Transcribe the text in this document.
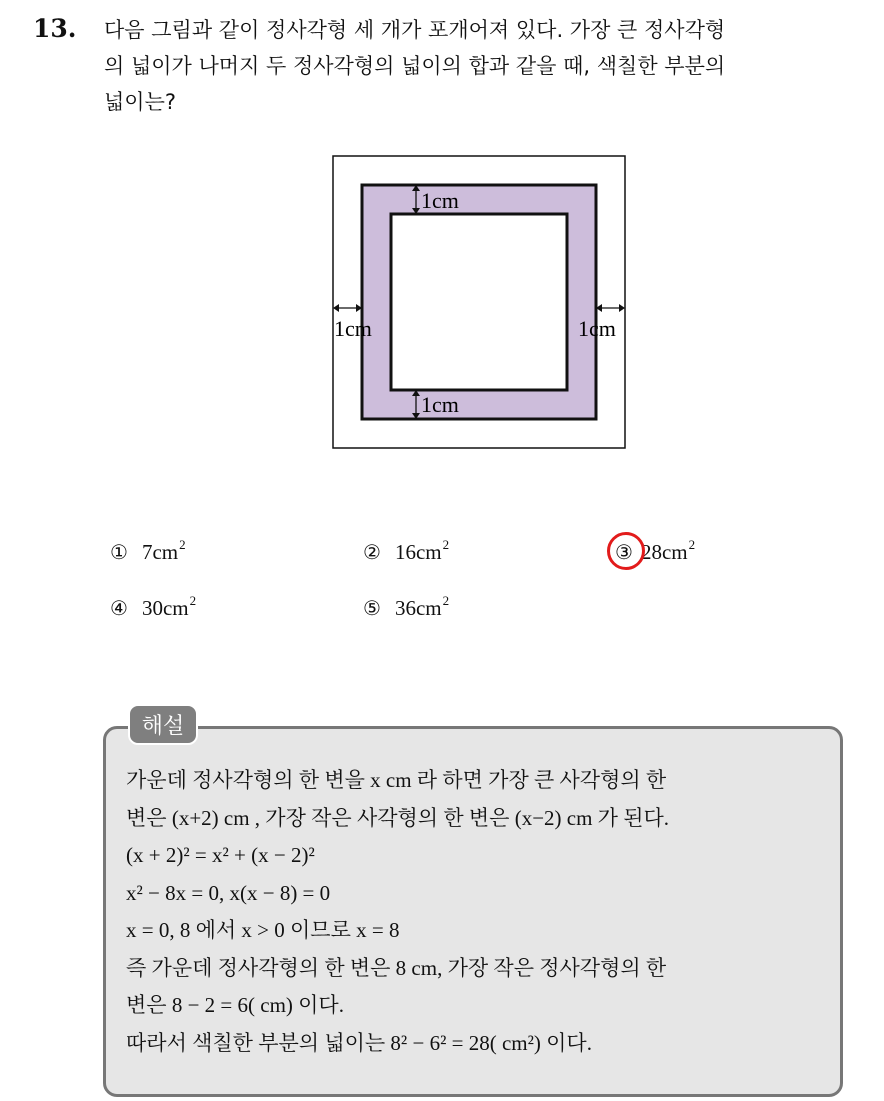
13. 다음 그림과 같이 정사각형 세 개가 포개어져 있다. 가장 큰 정사각형
의 넓이가 나머지 두 정사각형의 넓이의 합과 같을 때, 색칠한 부분의
넓이는?
1cm
1cm
1cm	1cm
① $7cm^2$	② $16cm^2$	③ $28cm^2$
④ $30cm^2$	⑤ $36cm^2$
해설
가운데 정사각형의 한 변을 x cm 라 하면 가장 큰 사각형의 한
변은 (x+2) cm , 가장 작은 사각형의 한 변은 (x−2) cm 가 된다.
(x + 2)² = x² + (x − 2)²
x² − 8x = 0, x(x − 8) = 0
x = 0, 8 에서 x > 0 이므로 x = 8
즉 가운데 정사각형의 한 변은 8 cm, 가장 작은 정사각형의 한
변은 8 − 2 = 6( cm) 이다.
따라서 색칠한 부분의 넓이는 8² − 6² = 28( cm²) 이다.
